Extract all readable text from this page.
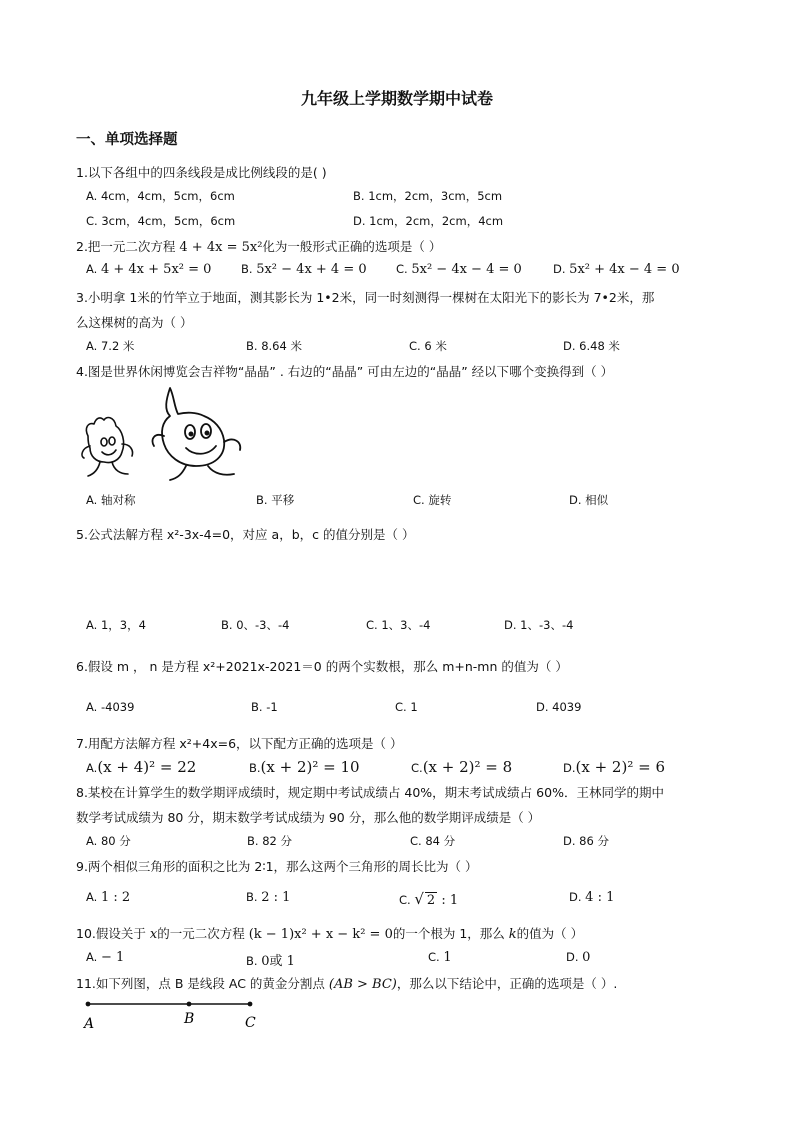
九年级上学期数学期中试卷
一、单项选择题
1.以下各组中的四条线段是成比例线段的是( )
A. 4cm，4cm，5cm，6cm	B. 1cm，2cm，3cm，5cm
C. 3cm，4cm，5cm，6cm	D. 1cm，2cm，2cm，4cm
2.把一元二次方程 4 + 4x = 5x²化为一般形式正确的选项是（ ）
A. 4 + 4x + 5x² = 0	B. 5x² − 4x + 4 = 0	C. 5x² − 4x − 4 = 0	D. 5x² + 4x − 4 = 0
3.小明拿 1米的竹竿立于地面，测其影长为 1•2米，同一时刻测得一棵树在太阳光下的影长为 7•2米，那
么这棵树的高为（ ）
A. 7.2 米	B. 8.64 米	C. 6 米	D. 6.48 米
4.图是世界休闲博览会吉祥物“晶晶” . 右边的“晶晶” 可由左边的“晶晶” 经以下哪个变换得到（ ）
A. 轴对称	B. 平移	C. 旋转	D. 相似
5.公式法解方程 x²-3x-4=0，对应 a，b，c 的值分别是（ ）
A. 1，3，4	B. 0、-3、-4	C. 1、3、-4	D. 1、-3、-4
6.假设 m ， n 是方程 x²+2021x-2021＝0 的两个实数根，那么 m+n-mn 的值为（ ）
A. -4039	B. -1	C. 1	D. 4039
7.用配方法解方程 x²+4x=6，以下配方正确的选项是（ ）
A.(x + 4)² = 22	B.(x + 2)² = 10	C.(x + 2)² = 8	D.(x + 2)² = 6
8.某校在计算学生的数学期评成绩时，规定期中考试成绩占 40%，期末考试成绩占 60%．王林同学的期中
数学考试成绩为 80 分，期末数学考试成绩为 90 分，那么他的数学期评成绩是（ ）
A. 80 分	B. 82 分	C. 84 分	D. 86 分
9.两个相似三角形的面积之比为 2∶1，那么这两个三角形的周长比为（ ）
A. 1 : 2	B. 2 : 1	C. √ 2 : 1	D. 4 : 1
10.假设关于 x的一元二次方程 (k − 1)x² + x − k² = 0的一个根为 1，那么 k的值为（ ）
A. − 1	B. 0或 1	C. 1	D. 0
11.如下列图，点 B 是线段 AC 的黄金分割点 (AB > BC)，那么以下结论中，正确的选项是（ ）.
A	B	C
